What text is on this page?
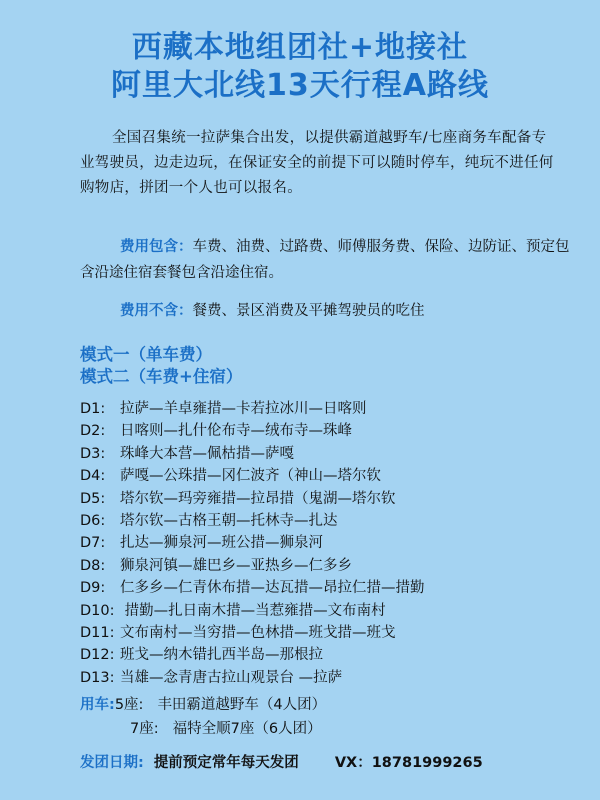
西藏本地组团社+地接社
阿里大北线13天行程A路线
全国召集统一拉萨集合出发，以提供霸道越野车/七座商务车配备专业驾驶员，边走边玩，在保证安全的前提下可以随时停车，纯玩不进任何购物店，拼团一个人也可以报名。
费用包含：车费、油费、过路费、师傅服务费、保险、边防证、预定包含沿途住宿套餐包含沿途住宿。
费用不含：餐费、景区消费及平摊驾驶员的吃住
模式一（单车费）
模式二（车费+住宿）
D1: 拉萨—羊卓雍措—卡若拉冰川—日喀则
D2: 日喀则—扎什伦布寺—绒布寺—珠峰
D3: 珠峰大本营—佩枯措—萨嘎
D4: 萨嘎—公珠措—冈仁波齐（神山—塔尔钦
D5: 塔尔钦—玛旁雍措—拉昂措（鬼湖—塔尔钦
D6: 塔尔钦—古格王朝—托林寺—扎达
D7: 扎达—狮泉河—班公措—狮泉河
D8: 狮泉河镇—雄巴乡—亚热乡—仁多乡
D9: 仁多乡—仁青休布措—达瓦措—昂拉仁措—措勤
D10: 措勤—扎日南木措—当惹雍措—文布南村
D11: 文布南村—当穷措—色林措—班戈措—班戈
D12: 班戈—纳木错扎西半岛—那根拉
D13: 当雄—念青唐古拉山观景台 —拉萨
用车:5座: 丰田霸道越野车（4人团）
7座: 福特全顺7座（6人团）
发团日期: 提前预定常年每天发团 VX：18781999265
